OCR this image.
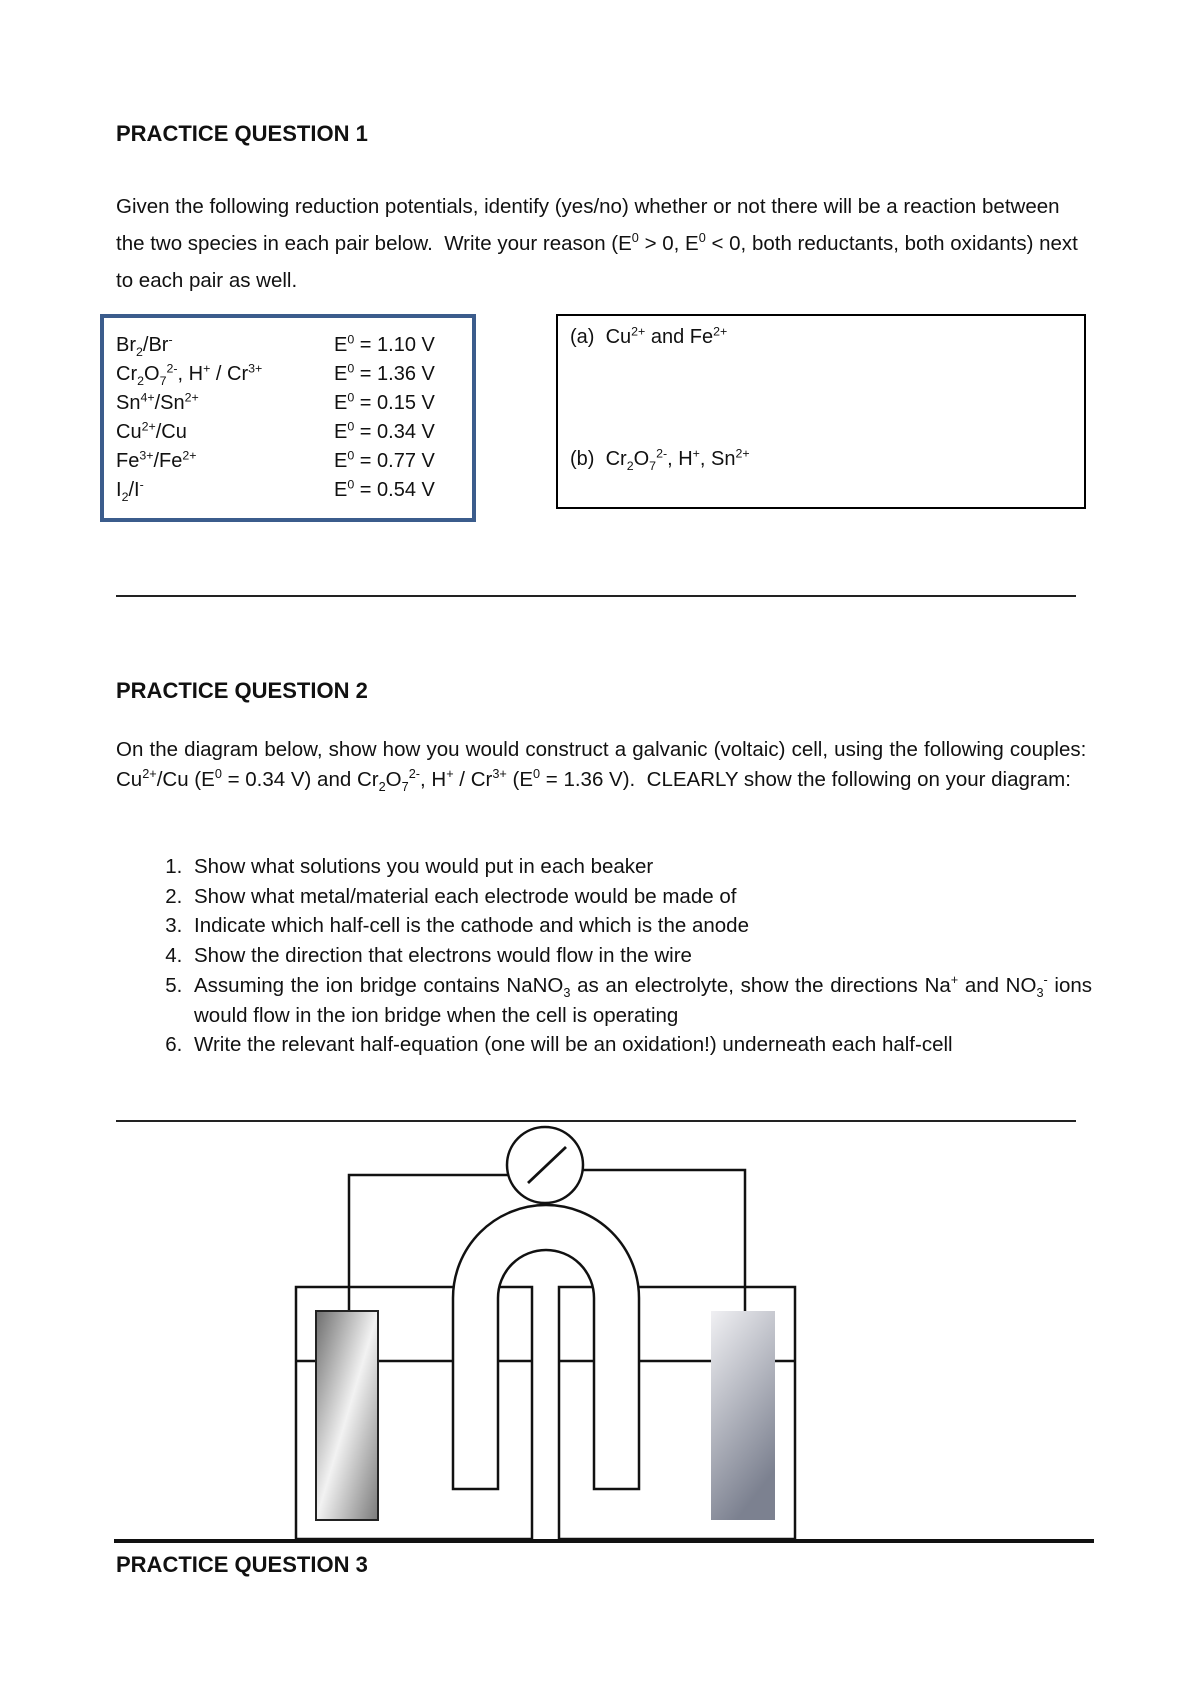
PRACTICE QUESTION 1
Given the following reduction potentials, identify (yes/no) whether or not there will be a reaction between the two species in each pair below.  Write your reason ($E^0 > 0$, $E^0 < 0$, both reductants, both oxidants) next to each pair as well.
$Br_2/Br^-$	$E^0 = 1.10$ V
$Cr_2O_7^{2-}$, $H^+ / Cr^{3+}$	$E^0 = 1.36$ V
$Sn^{4+}/Sn^{2+}$	$E^0 = 0.15$ V
$Cu^{2+}/Cu$	$E^0 = 0.34$ V
$Fe^{3+}/Fe^{2+}$	$E^0 = 0.77$ V
$I_2/I^-$	$E^0 = 0.54$ V
(a) $Cu^{2+}$ and $Fe^{2+}$
(b) $Cr_2O_7^{2-}$, H+, $Sn^{2+}$
PRACTICE QUESTION 2
On the diagram below, show how you would construct a galvanic (voltaic) cell, using the following couples:  $Cu^{2+}/Cu$ ($E^0 = 0.34$ V) and $Cr_2O_7^{2-}$, $H^+ / Cr^{3+}$ ($E^0 = 1.36$ V).  CLEARLY show the following on your diagram:
1. Show what solutions you would put in each beaker
2. Show what metal/material each electrode would be made of
3. Indicate which half-cell is the cathode and which is the anode
4. Show the direction that electrons would flow in the wire
5. Assuming the ion bridge contains NaNO$_3$ as an electrolyte, show the directions Na+ and $NO_3^-$ ions would flow in the ion bridge when the cell is operating
6. Write the relevant half-equation (one will be an oxidation!) underneath each half-cell
PRACTICE QUESTION 3
